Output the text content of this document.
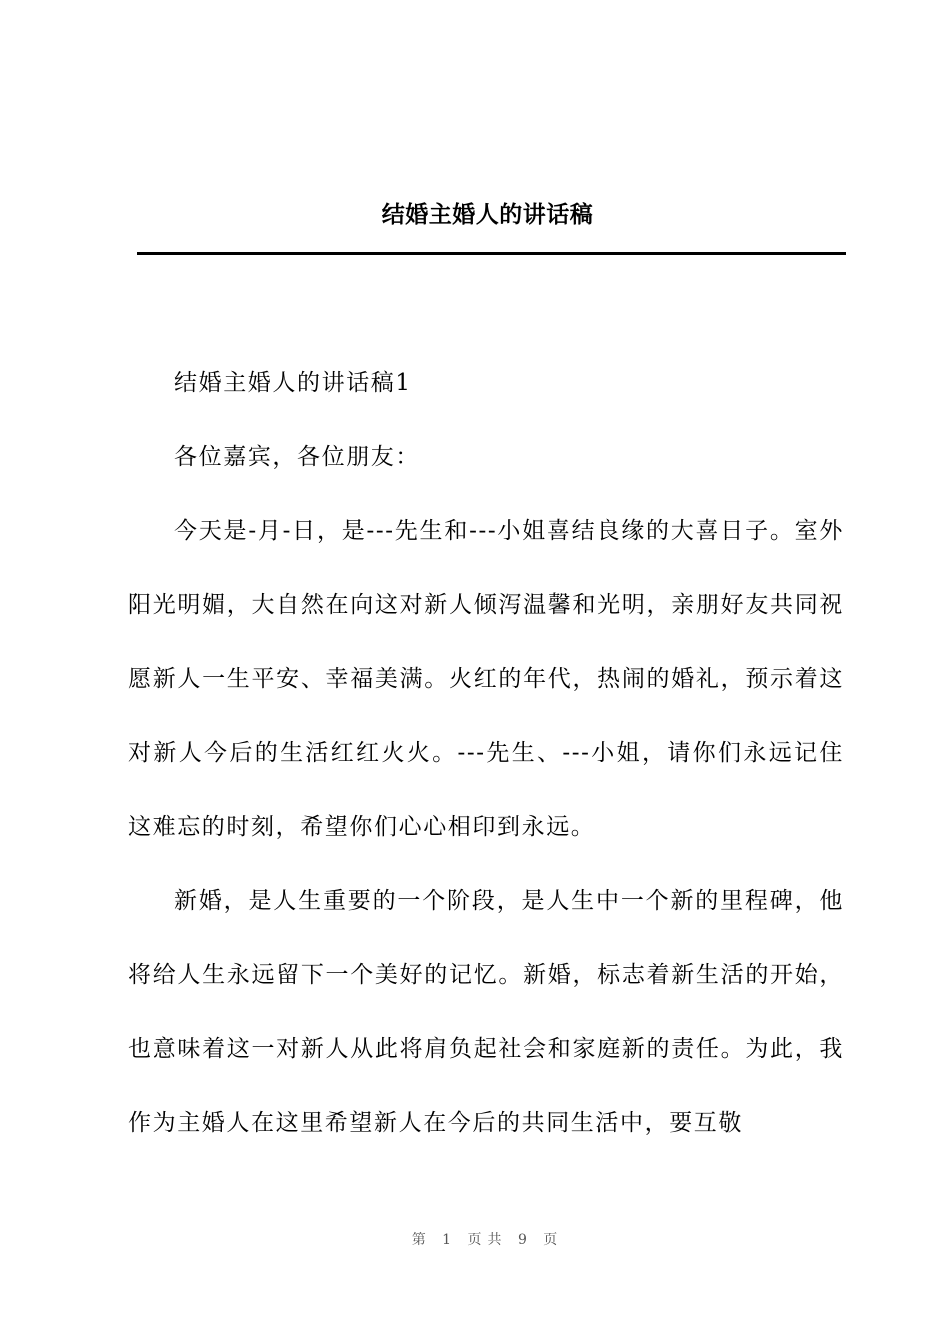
结婚主婚人的讲话稿

结婚主婚人的讲话稿1

各位嘉宾，各位朋友：

今天是-月-日，是---先生和---小姐喜结良缘的大喜日子。室外阳光明媚，大自然在向这对新人倾泻温馨和光明，亲朋好友共同祝愿新人一生平安、幸福美满。火红的年代，热闹的婚礼，预示着这对新人今后的生活红红火火。---先生、---小姐，请你们永远记住这难忘的时刻，希望你们心心相印到永远。

新婚，是人生重要的一个阶段，是人生中一个新的里程碑，他将给人生永远留下一个美好的记忆。新婚，标志着新生活的开始，也意味着这一对新人从此将肩负起社会和家庭新的责任。为此，我作为主婚人在这里希望新人在今后的共同生活中，要互敬

第 1 页共 9 页
